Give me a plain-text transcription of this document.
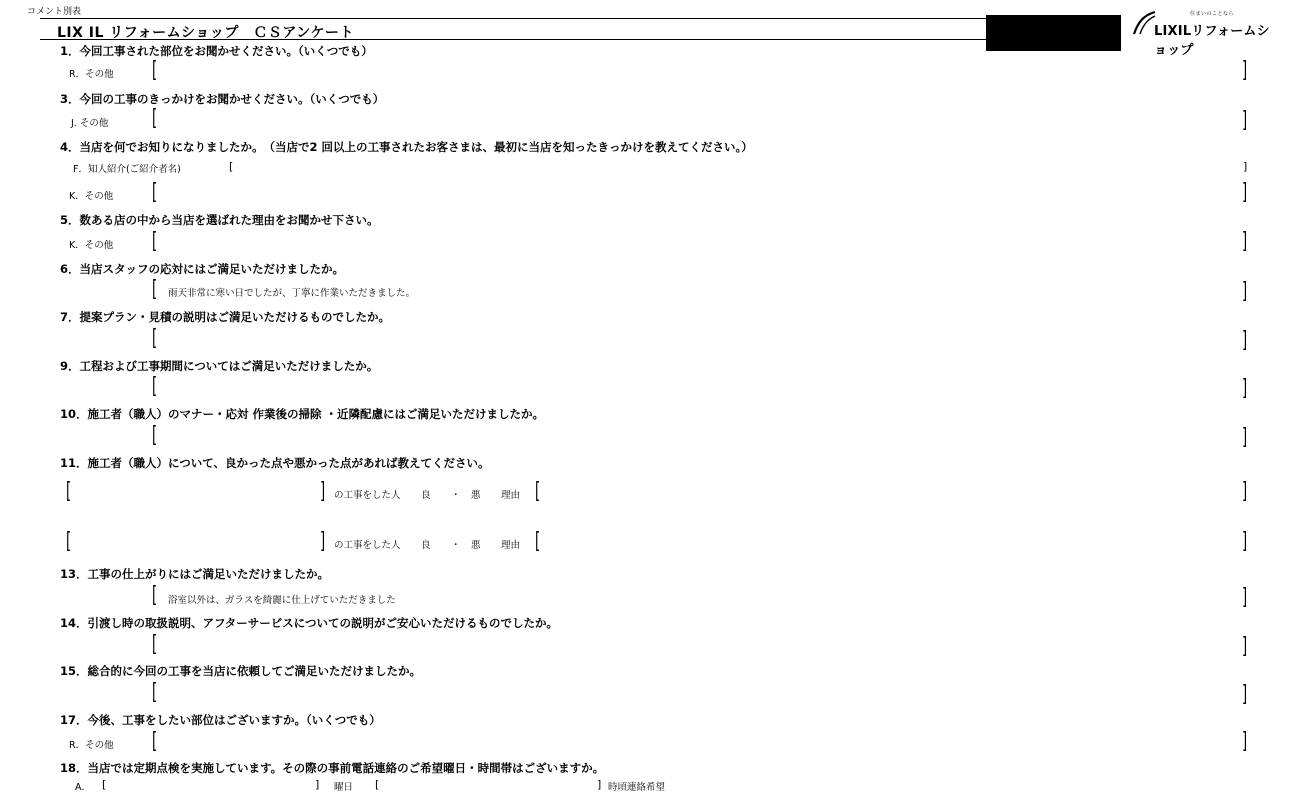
コメント別表
LIX IL リフォームショップ　ＣＳアンケート
住まいのことなら
LIXILリフォームショップ
1．今回工事された部位をお聞かせください。（いくつでも）
R．その他 [	]
3．今回の工事のきっかけをお聞かせください。（いくつでも）
J. その他 [	]
4．当店を何でお知りになりましたか。　（当店で2 回以上の工事されたお客さまは、最初に当店を知ったきっかけを教えてください。）
F．知人紹介(ご紹介者名)	[	]
K．その他 [	]
5．数ある店の中から当店を選ばれた理由をお聞かせ下さい。
K．その他 [	]
6．当店スタッフの応対にはご満足いただけましたか。
[ 雨天非常に寒い日でしたが、丁寧に作業いただきました。	]
7．提案プラン・見積の説明はご満足いただけるものでしたか。
[	]
9．工程および工事期間についてはご満足いただけましたか。
[	]
10．施工者（職人）のマナー・応対 作業後の掃除 ・近隣配慮にはご満足いただけましたか。
[	]
11．施工者（職人）について、良かった点や悪かった点があれば教えてください。
[	] の工事をした人 良 ・ 悪 理由 [	]
[	] の工事をした人 良 ・ 悪 理由 [	]
13．工事の仕上がりにはご満足いただけましたか。
[ 浴室以外は、ガラスを綺麗に仕上げていただきました	]
14．引渡し時の取扱説明、アフターサービスについての説明がご安心いただけるものでしたか。
[	]
15．総合的に今回の工事を当店に依頼してご満足いただけましたか。
[	]
17．今後、工事をしたい部位はございますか。（いくつでも）
R．その他 [	]
18．当店では定期点検を実施しています。その際の事前電話連絡のご希望曜日・時間帯はございますか。
A． [	] 曜日 [	] 時頃連絡希望
